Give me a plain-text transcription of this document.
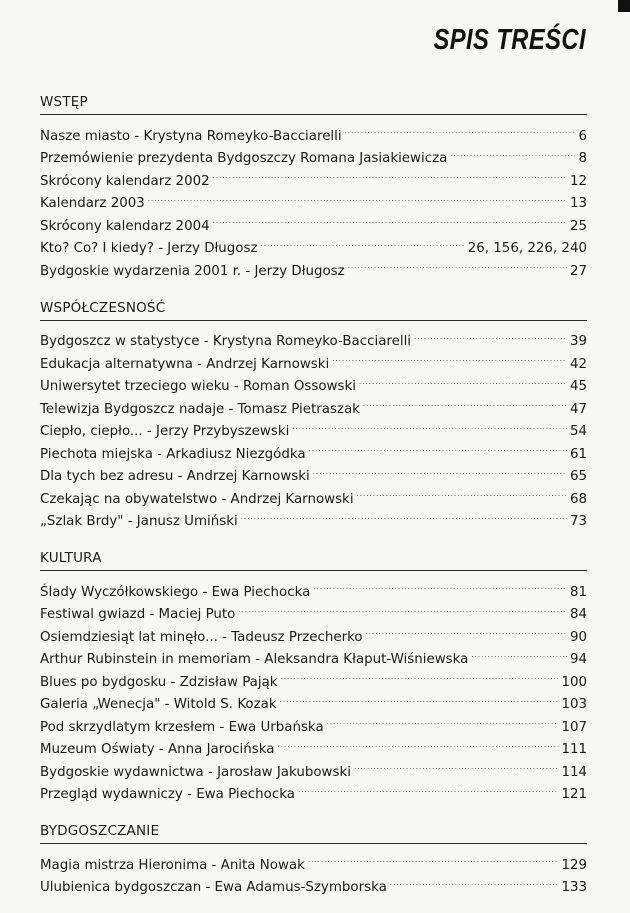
SPIS TREŚCI
WSTĘP
Nasze miasto - Krystyna Romeyko-Bacciarelli . . .	6
Przemówienie prezydenta Bydgoszczy Romana Jasiakiewicza . . .	8
Skrócony kalendarz 2002 . . .	12
Kalendarz 2003 . . .	13
Skrócony kalendarz 2004 . . .	25
Kto? Co? I kiedy? - Jerzy Długosz . . .	26, 156, 226, 240
Bydgoskie wydarzenia 2001 r. - Jerzy Długosz . . .	27
WSPÓŁCZESNOŚĆ
Bydgoszcz w statystyce - Krystyna Romeyko-Bacciarelli . . .	39
Edukacja alternatywna - Andrzej Karnowski . . .	42
Uniwersytet trzeciego wieku - Roman Ossowski . . .	45
Telewizja Bydgoszcz nadaje - Tomasz Pietraszak . . .	47
Ciepło, ciepło... - Jerzy Przybyszewski . . .	54
Piechota miejska - Arkadiusz Niezgódka . . .	61
Dla tych bez adresu - Andrzej Karnowski . . .	65
Czekając na obywatelstwo - Andrzej Karnowski . . .	68
„Szlak Brdy" - Janusz Umiński . . .	73
KULTURA
Ślady Wyczółkowskiego - Ewa Piechocka . . .	81
Festiwal gwiazd - Maciej Puto . . .	84
Osiemdziesiąt lat minęło... - Tadeusz Przecherko . . .	90
Arthur Rubinstein in memoriam - Aleksandra Kłaput-Wiśniewska . . .	94
Blues po bydgosku - Zdzisław Pająk . . .	100
Galeria „Wenecja" - Witold S. Kozak . . .	103
Pod skrzydlatym krzesłem - Ewa Urbańska . . .	107
Muzeum Oświaty - Anna Jarocińska . . .	111
Bydgoskie wydawnictwa - Jarosław Jakubowski . . .	114
Przegląd wydawniczy - Ewa Piechocka . . .	121
BYDGOSZCZANIE
Magia mistrza Hieronima - Anita Nowak . . .	129
Ulubienica bydgoszczan - Ewa Adamus-Szymborska . . .	133
